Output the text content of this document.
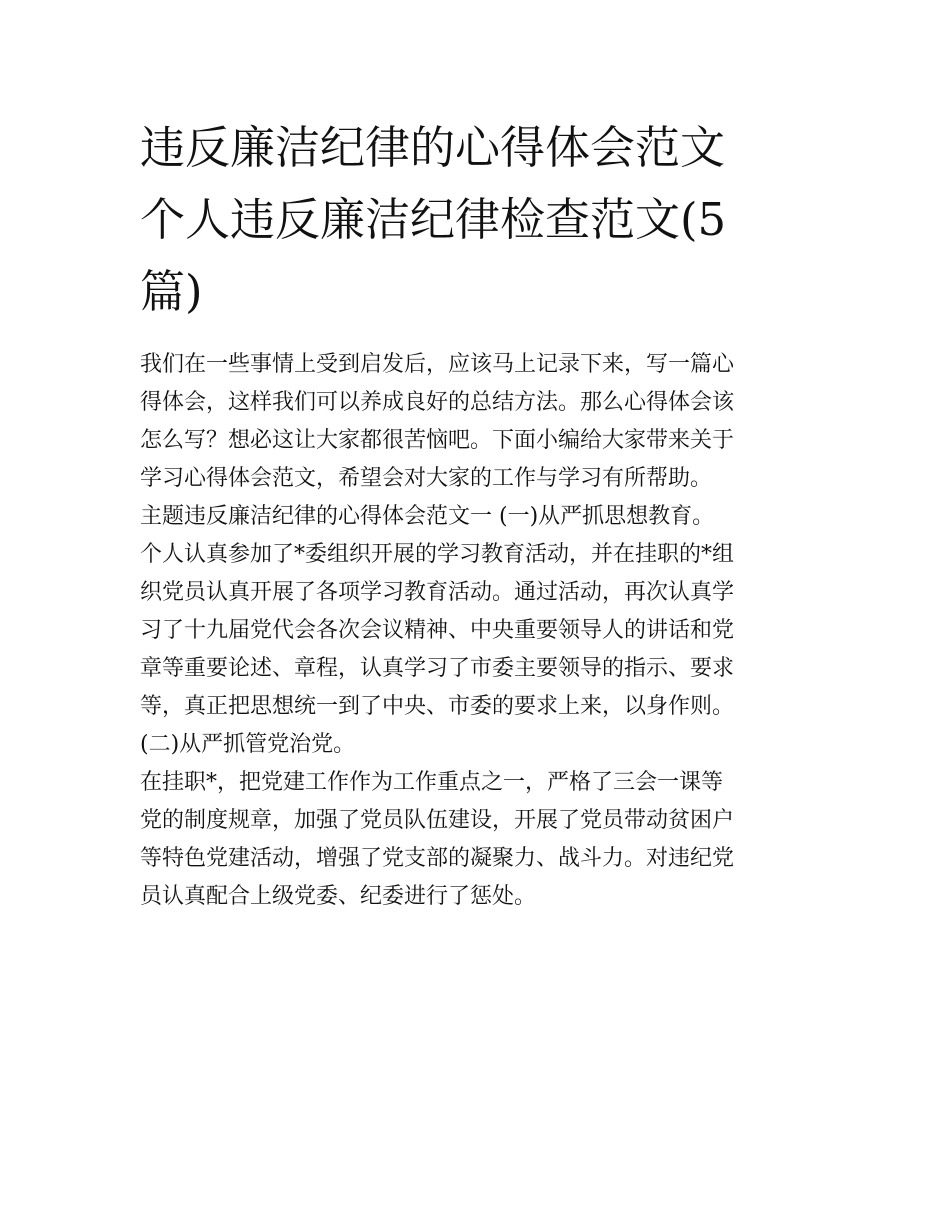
违反廉洁纪律的心得体会范文
个人违反廉洁纪律检查范文(5
篇)

我们在一些事情上受到启发后，应该马上记录下来，写一篇心
得体会，这样我们可以养成良好的总结方法。那么心得体会该
怎么写？想必这让大家都很苦恼吧。下面小编给大家带来关于
学习心得体会范文，希望会对大家的工作与学习有所帮助。

主题违反廉洁纪律的心得体会范文一 (一)从严抓思想教育。

个人认真参加了*委组织开展的学习教育活动，并在挂职的*组
织党员认真开展了各项学习教育活动。通过活动，再次认真学
习了十九届党代会各次会议精神、中央重要领导人的讲话和党
章等重要论述、章程，认真学习了市委主要领导的指示、要求
等，真正把思想统一到了中央、市委的要求上来，以身作则。

(二)从严抓管党治党。

在挂职*，把党建工作作为工作重点之一，严格了三会一课等
党的制度规章，加强了党员队伍建设，开展了党员带动贫困户
等特色党建活动，增强了党支部的凝聚力、战斗力。对违纪党
员认真配合上级党委、纪委进行了惩处。
